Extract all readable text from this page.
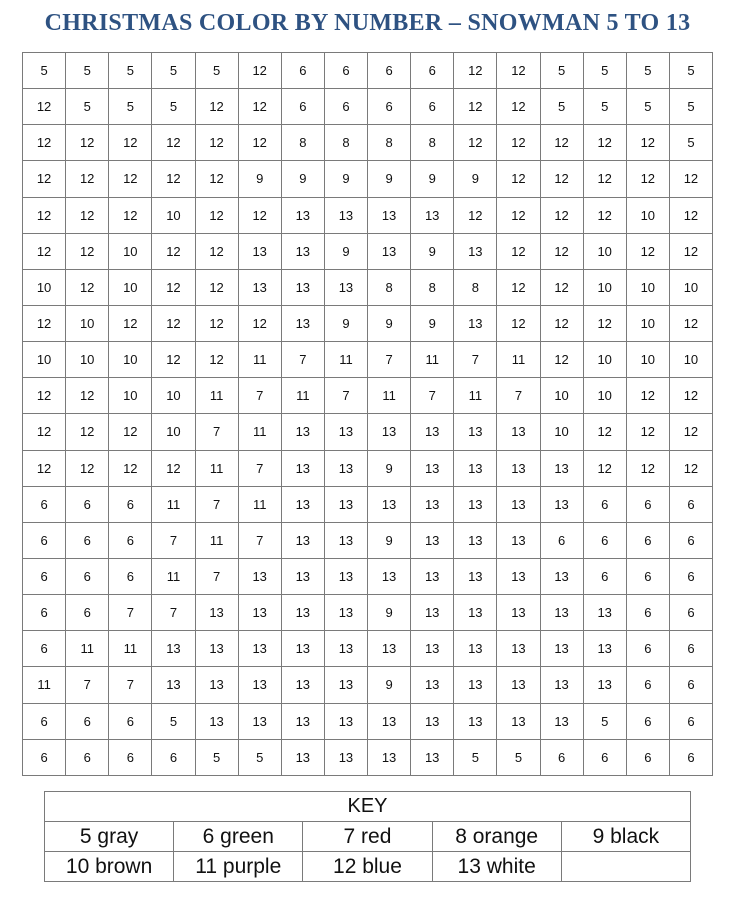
CHRISTMAS COLOR BY NUMBER – SNOWMAN 5 TO 13
5	5	5	5	5	12	6	6	6	6	12	12	5	5	5	5
12	5	5	5	12	12	6	6	6	6	12	12	5	5	5	5
12	12	12	12	12	12	8	8	8	8	12	12	12	12	12	5
12	12	12	12	12	9	9	9	9	9	9	12	12	12	12	12
12	12	12	10	12	12	13	13	13	13	12	12	12	12	10	12
12	12	10	12	12	13	13	9	13	9	13	12	12	10	12	12
10	12	10	12	12	13	13	13	8	8	8	12	12	10	10	10
12	10	12	12	12	12	13	9	9	9	13	12	12	12	10	12
10	10	10	12	12	11	7	11	7	11	7	11	12	10	10	10
12	12	10	10	11	7	11	7	11	7	11	7	10	10	12	12
12	12	12	10	7	11	13	13	13	13	13	13	10	12	12	12
12	12	12	12	11	7	13	13	9	13	13	13	13	12	12	12
6	6	6	11	7	11	13	13	13	13	13	13	13	6	6	6
6	6	6	7	11	7	13	13	9	13	13	13	6	6	6	6
6	6	6	11	7	13	13	13	13	13	13	13	13	6	6	6
6	6	7	7	13	13	13	13	9	13	13	13	13	13	6	6
6	11	11	13	13	13	13	13	13	13	13	13	13	13	6	6
11	7	7	13	13	13	13	13	9	13	13	13	13	13	6	6
6	6	6	5	13	13	13	13	13	13	13	13	13	5	6	6
6	6	6	6	5	5	13	13	13	13	5	5	6	6	6	6
KEY				
5 gray	6 green	7 red	8 orange	9 black
10 brown	11 purple	12 blue	13 white	
